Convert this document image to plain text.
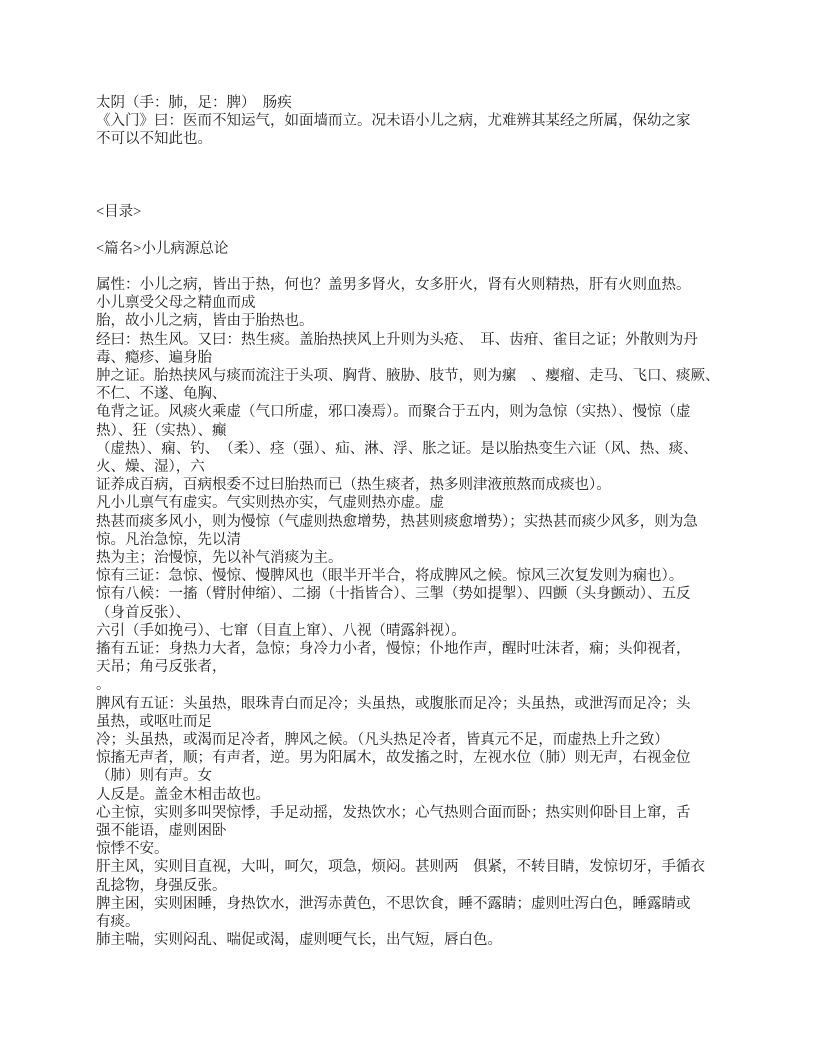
太阴（手：肺，足：脾）　肠疾
《入门》曰：医而不知运气，如面墙而立。况未语小儿之病，尤难辨其某经之所属，保幼之家
不可以不知此也。
<目录>
<篇名>小儿病源总论
属性：小儿之病，皆出于热，何也？盖男多肾火，女多肝火，肾有火则精热，肝有火则血热。
小儿禀受父母之精血而成
胎，故小儿之病，皆由于胎热也。
经曰：热生风。又曰：热生痰。盖胎热挟风上升则为头疮、　耳、齿疳、雀目之证；外散则为丹
毒、瘾疹、遍身胎
肿之证。胎热挟风与痰而流注于头项、胸背、腋胁、肢节，则为瘰　、瘿瘤、走马、飞口、痰厥、
不仁、不遂、龟胸、
龟背之证。风痰火乘虚（气口所虚，邪口凑焉）。而聚合于五内，则为急惊（实热）、慢惊（虚
热）、狂（实热）、癫
（虚热）、痫、钓、　（柔）、痉（强）、疝、淋、浮、胀之证。是以胎热变生六证（风、热、痰、
火、燥、湿），六
证养成百病，百病根委不过曰胎热而已（热生痰者，热多则津液煎熬而成痰也）。
凡小儿禀气有虚实。气实则热亦实，气虚则热亦虚。虚
热甚而痰多风小，则为慢惊（气虚则热愈增势，热甚则痰愈增势）；实热甚而痰少风多，则为急
惊。凡治急惊，先以清
热为主；治慢惊，先以补气消痰为主。
惊有三证：急惊、慢惊、慢脾风也（眼半开半合，将成脾风之候。惊风三次复发则为痫也）。
惊有八候：一搐（臂肘伸缩）、二搦（十指皆合）、三掣（势如提掣）、四颤（头身颤动）、五反
（身首反张）、
六引（手如挽弓）、七窜（目直上窜）、八视（晴露斜视）。
搐有五证：身热力大者，急惊；身冷力小者，慢惊；仆地作声，醒时吐沫者，痫；头仰视者，
天吊；角弓反张者，
。
脾风有五证：头虽热，眼珠青白而足冷；头虽热，或腹胀而足冷；头虽热，或泄泻而足冷；头
虽热，或呕吐而足
冷；头虽热，或渴而足冷者，脾风之候。（凡头热足冷者，皆真元不足，而虚热上升之致）
惊搐无声者，顺；有声者，逆。男为阳属木，故发搐之时，左视水位（肺）则无声，右视金位
（肺）则有声。女
人反是。盖金木相击故也。
心主惊，实则多叫哭惊悸，手足动摇，发热饮水；心气热则合面而卧；热实则仰卧目上窜，舌
强不能语，虚则困卧
惊悸不安。
肝主风，实则目直视，大叫，呵欠，项急，烦闷。甚则两　俱紧，不转目睛，发惊切牙，手循衣
乱捻物，身强反张。
脾主困，实则困睡，身热饮水，泄泻赤黄色，不思饮食，睡不露睛；虚则吐泻白色，睡露睛或
有痰。
肺主喘，实则闷乱、喘促或渴，虚则哽气长，出气短，唇白色。
